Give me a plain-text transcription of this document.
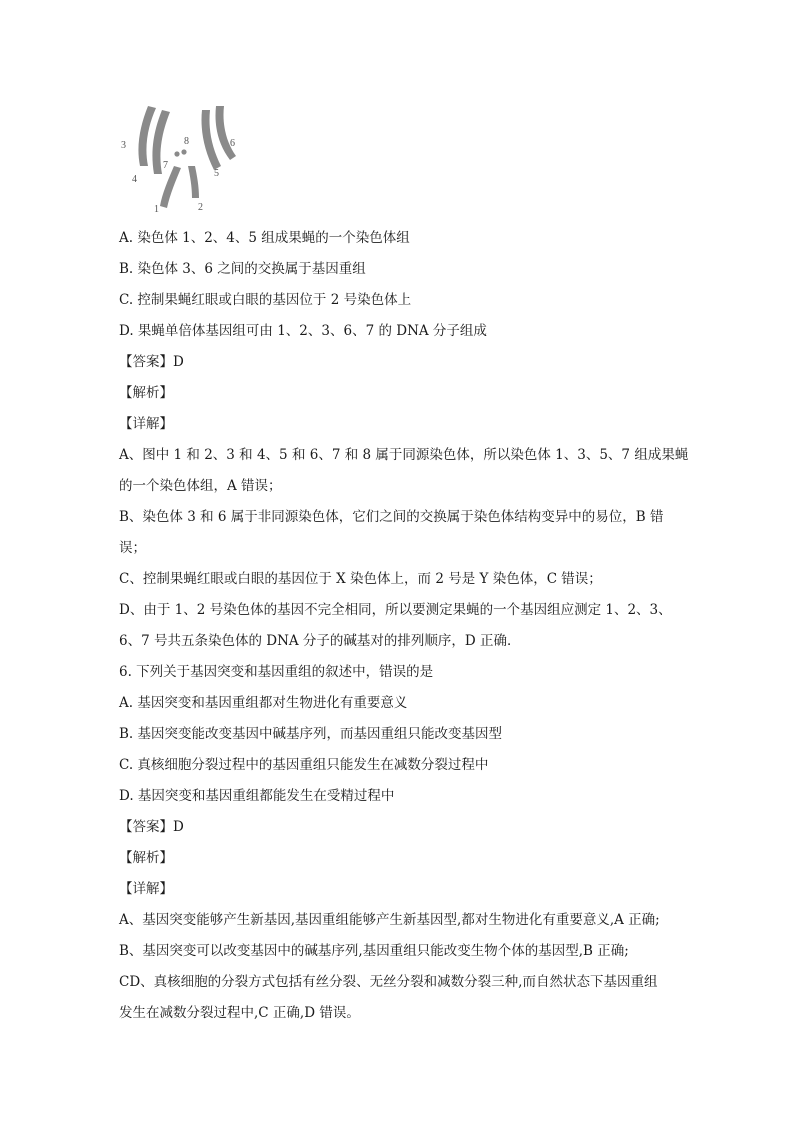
3
4
7
8
1	2
5
6
A. 染色体 1、2、4、5 组成果蝇的一个染色体组
B. 染色体 3、6 之间的交换属于基因重组
C. 控制果蝇红眼或白眼的基因位于 2 号染色体上
D. 果蝇单倍体基因组可由 1、2、3、6、7 的 DNA 分子组成
【答案】D
【解析】
【详解】
A、图中 1 和 2、3 和 4、5 和 6、7 和 8 属于同源染色体，所以染色体 1、3、5、7 组成果蝇
的一个染色体组，A 错误；
B、染色体 3 和 6 属于非同源染色体，它们之间的交换属于染色体结构变异中的易位，B 错
误；
C、控制果蝇红眼或白眼的基因位于 X 染色体上，而 2 号是 Y 染色体，C 错误；
D、由于 1、2 号染色体的基因不完全相同，所以要测定果蝇的一个基因组应测定 1、2、3、
6、7 号共五条染色体的 DNA 分子的碱基对的排列顺序，D 正确．
6. 下列关于基因突变和基因重组的叙述中，错误的是
A. 基因突变和基因重组都对生物进化有重要意义
B. 基因突变能改变基因中碱基序列，而基因重组只能改变基因型
C. 真核细胞分裂过程中的基因重组只能发生在减数分裂过程中
D. 基因突变和基因重组都能发生在受精过程中
【答案】D
【解析】
【详解】
A、基因突变能够产生新基因,基因重组能够产生新基因型,都对生物进化有重要意义,A 正确;
B、基因突变可以改变基因中的碱基序列,基因重组只能改变生物个体的基因型,B 正确;
CD、真核细胞的分裂方式包括有丝分裂、无丝分裂和减数分裂三种,而自然状态下基因重组
发生在减数分裂过程中,C 正确,D 错误。
